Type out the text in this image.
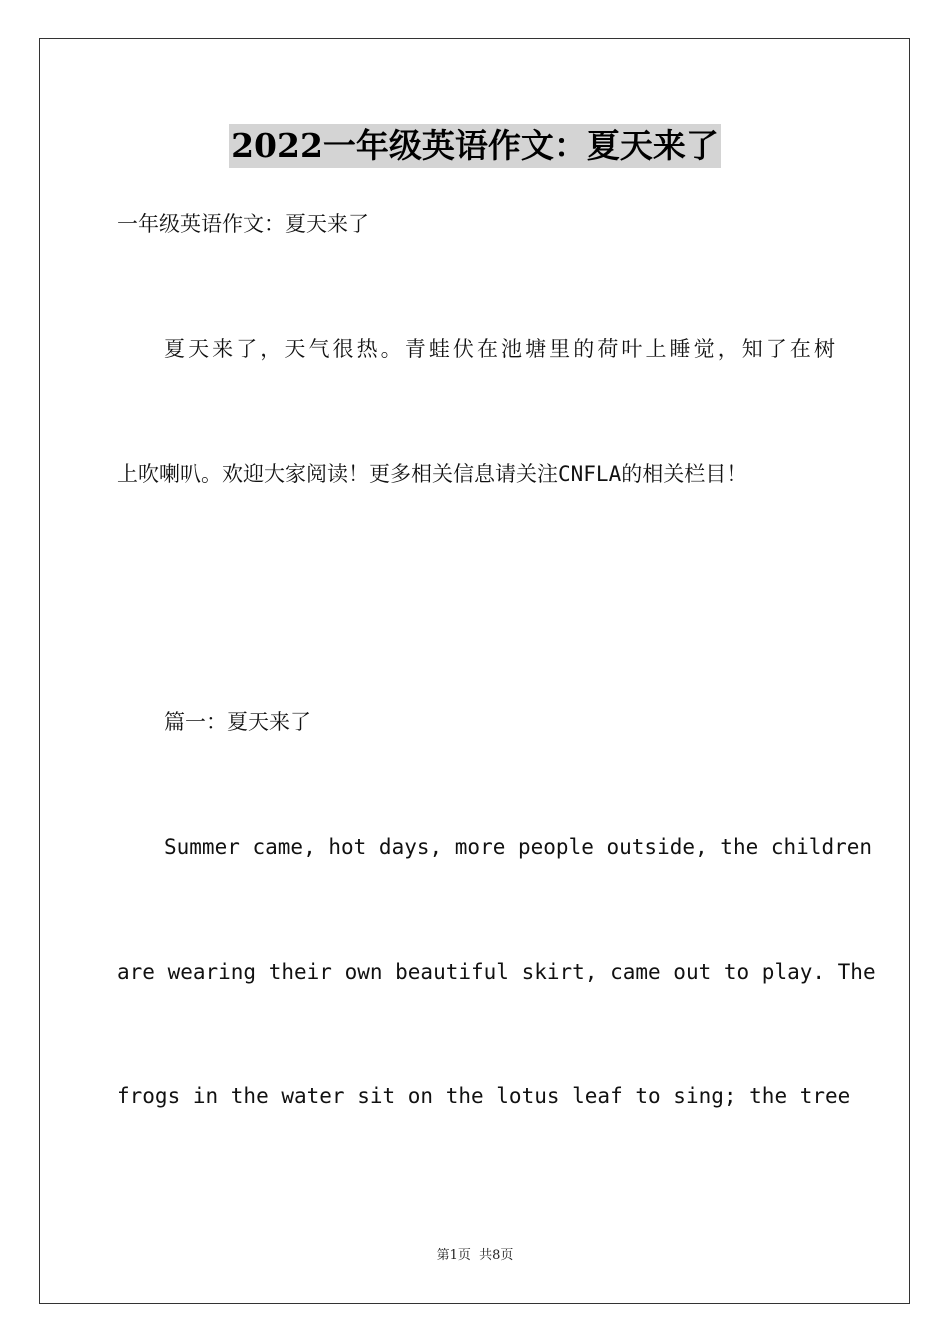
2022一年级英语作文：夏天来了
一年级英语作文：夏天来了
夏天来了，天气很热。青蛙伏在池塘里的荷叶上睡觉，知了在树
上吹喇叭。欢迎大家阅读！更多相关信息请关注CNFLA的相关栏目！
篇一：夏天来了
Summer came, hot days, more people outside, the children
are wearing their own beautiful skirt, came out to play. The
frogs in the water sit on the lotus leaf to sing; the tree
第1页  共8页
